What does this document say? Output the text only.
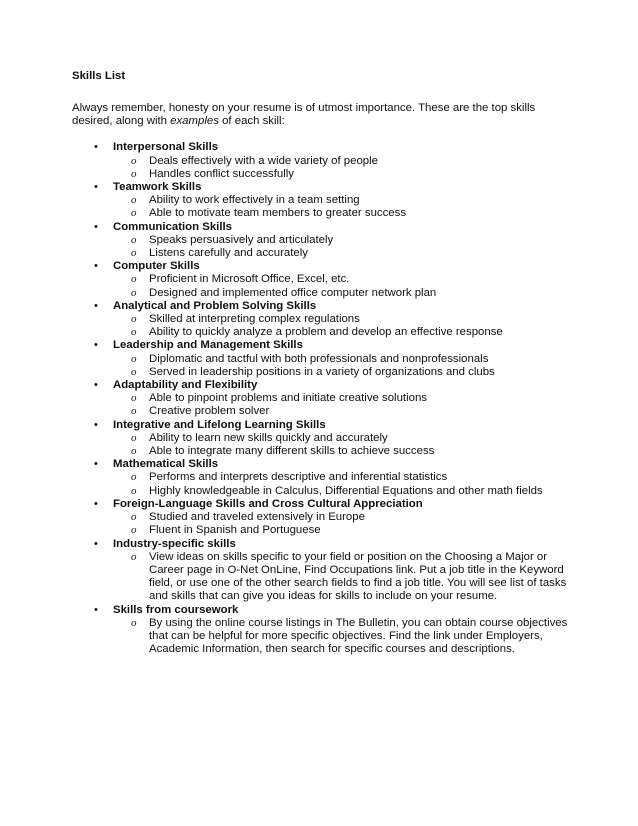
Skills List
Always remember, honesty on your resume is of utmost importance. These are the top skills desired, along with examples of each skill:
• Interpersonal Skills
o Deals effectively with a wide variety of people
o Handles conflict successfully
• Teamwork Skills
o Ability to work effectively in a team setting
o Able to motivate team members to greater success
• Communication Skills
o Speaks persuasively and articulately
o Listens carefully and accurately
• Computer Skills
o Proficient in Microsoft Office, Excel, etc.
o Designed and implemented office computer network plan
• Analytical and Problem Solving Skills
o Skilled at interpreting complex regulations
o Ability to quickly analyze a problem and develop an effective response
• Leadership and Management Skills
o Diplomatic and tactful with both professionals and nonprofessionals
o Served in leadership positions in a variety of organizations and clubs
• Adaptability and Flexibility
o Able to pinpoint problems and initiate creative solutions
o Creative problem solver
• Integrative and Lifelong Learning Skills
o Ability to learn new skills quickly and accurately
o Able to integrate many different skills to achieve success
• Mathematical Skills
o Performs and interprets descriptive and inferential statistics
o Highly knowledgeable in Calculus, Differential Equations and other math fields
• Foreign-Language Skills and Cross Cultural Appreciation
o Studied and traveled extensively in Europe
o Fluent in Spanish and Portuguese
• Industry-specific skills
o View ideas on skills specific to your field or position on the Choosing a Major or Career page in O-Net OnLine, Find Occupations link. Put a job title in the Keyword field, or use one of the other search fields to find a job title. You will see list of tasks and skills that can give you ideas for skills to include on your resume.
• Skills from coursework
o By using the online course listings in The Bulletin, you can obtain course objectives that can be helpful for more specific objectives. Find the link under Employers, Academic Information, then search for specific courses and descriptions.
